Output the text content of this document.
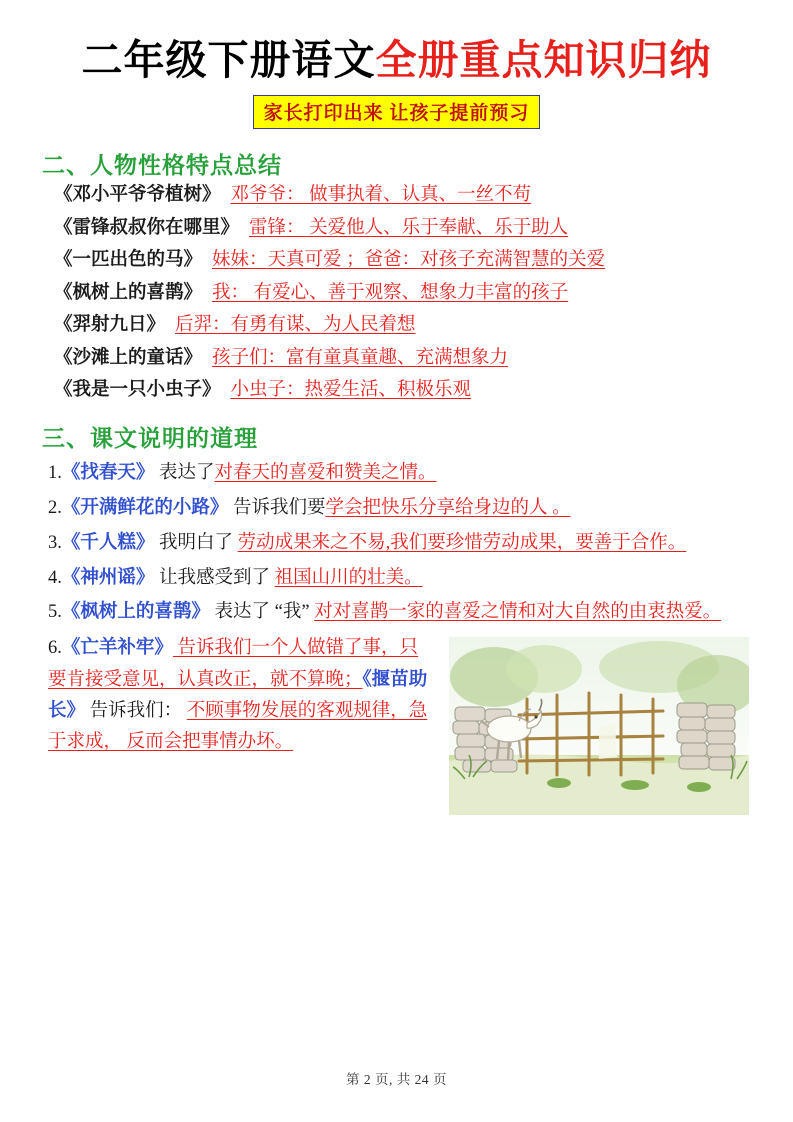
二年级下册语文全册重点知识归纳
家长打印出来 让孩子提前预习
二、人物性格特点总结
《邓小平爷爷植树》 邓爷爷： 做事执着、认真、一丝不苟
《雷锋叔叔你在哪里》 雷锋： 关爱他人、乐于奉献、乐于助人
《一匹出色的马》 妹妹：天真可爱 ；爸爸：对孩子充满智慧的关爱
《枫树上的喜鹊》 我： 有爱心、善于观察、想象力丰富的孩子
《羿射九日》 后羿：有勇有谋、为人民着想
《沙滩上的童话》 孩子们：富有童真童趣、充满想象力
《我是一只小虫子》 小虫子：热爱生活、积极乐观
三、课文说明的道理
1.《找春天》 表达了对春天的喜爱和赞美之情。
2.《开满鲜花的小路》 告诉我们要学会把快乐分享给身边的人 。
3.《千人糕》 我明白了 劳动成果来之不易,我们要珍惜劳动成果，要善于合作。
4.《神州谣》 让我感受到了 祖国山川的壮美。
5.《枫树上的喜鹊》 表达了 “我” 对对喜鹊一家的喜爱之情和对大自然的由衷热爱。
6.《亡羊补牢》 告诉我们一个人做错了事，只要肯接受意见，认真改正，就不算晚；《揠苗助长》 告诉我们： 不顾事物发展的客观规律，急于求成， 反而会把事情办坏。
第 2 页, 共 24 页
